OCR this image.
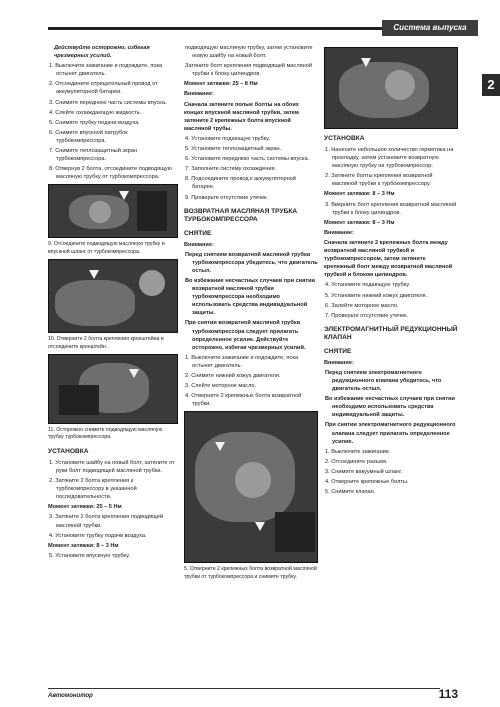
Система выпуска
2

Действуйте осторожно, избегая чрезмерных усилий.

1. Выключите зажигание и подождите, пока остынет двигатель.

2. Отсоедините отрицательный провод от аккумуляторной батареи.

3. Снимите переднюю часть системы впуска.

4. Слейте охлаждающую жидкость.

5. Снимите трубку подачи воздуха.

6. Снимите впускной патрубок турбокомпрессора.

7. Снимите теплозащитный экран турбокомпрессора.

8. Отвернув 2 болта, отсоедините подводящую масляную трубку от турбокомпрессора.

9. Отсоедините подводящую масляную трубку и впускной шланг от турбокомпрессора.

10. Отверните 2 болта крепления кронштейна и отсоедините кронштейн.

11. Осторожно снимите подводящую масляную трубку турбокомпрессора.

УСТАНОВКА

1. Установите шайбу на новый болт, затяните от руки болт подводящей масляной трубки.

2. Затяните 2 болта крепления к турбокомпрессору в указанной последовательности.

Момент затяжки: 25 – 5 Нм

3. Затяните 2 болта крепления подводящей масляной трубки.

4. Установите трубку подачи воздуха.

Момент затяжки: 8 – 3 Нм

5. Установите впускную трубку.

подводящую масляную трубку, затем установите новую шайбу на новый болт.

Затяните болт крепления подводящей масляной трубки к блоку цилиндров.

Момент затяжки: 25 – 8 Нм

Внимание:

Сначала затяните полые болты на обоих концах впускной масляной трубки, затем затяните 2 крепежных болта впускной масляной трубы.

4. Установите подающую трубку.

5. Установите теплозащитный экран.

6. Установите переднюю часть системы впуска.

7. Заполните систему охлаждения.

8. Подсоедините провод к аккумуляторной батарее.

9. Проверьте отсутствие утечек.

ВОЗВРАТНАЯ МАСЛЯНАЯ ТРУБКА ТУРБОКОМПРЕССОРА
СНЯТИЕ

Внимание:

Перед снятием возвратной масляной трубки турбокомпрессора убедитесь, что двигатель остыл.

Во избежание несчастных случаев при снятии возвратной масляной трубки турбокомпрессора необходимо использовать средства индивидуальной защиты.

При снятии возвратной масляной трубки турбокомпрессора следует прилагать определенное усилие. Действуйте осторожно, избегая чрезмерных усилий.

1. Выключите зажигание и подождите, пока остынет двигатель.

2. Снимите нижний кожух двигателя.

3. Слейте моторное масло.

4. Отверните 2 крепежных болта возвратной трубки.

5. Отверните 2 крепежных болта возвратной масляной трубки от турбокомпрессора и снимите трубку.

УСТАНОВКА

1. Нанесите небольшое количество герметика на прокладку, затем установите возвратную масляную трубку на турбокомпрессор.

2. Затяните болты крепления возвратной масляной трубки к турбокомпрессору.

Момент затяжки: 8 – 3 Нм

3. Вверните болт крепления возвратной масляной трубки к блоку цилиндров.

Момент затяжки: 8 – 3 Нм

Внимание:

Сначала затяните 2 крепежных болта между возвратной масляной трубкой и турбокомпрессором, затем затяните крепежный болт между возвратной масляной трубкой и блоком цилиндров.

4. Установите подающую трубку.

5. Установите нижний кожух двигателя.

6. Залейте моторное масло.

7. Проверьте отсутствие утечек.

ЭЛЕКТРОМАГНИТНЫЙ РЕДУКЦИОННЫЙ КЛАПАН
СНЯТИЕ

Внимание:

Перед снятием электромагнитного редукционного клапана убедитесь, что двигатель остыл.

Во избежание несчастных случаев при снятии необходимо использовать средства индивидуальной защиты.

При снятии электромагнитного редукционного клапана следует прилагать определенное усилие.

1. Выключите зажигание.

2. Отсоедините разъем.

3. Снимите вакуумный шланг.

4. Отверните крепежные болты.

5. Снимите клапан.

Автомонитор	113
